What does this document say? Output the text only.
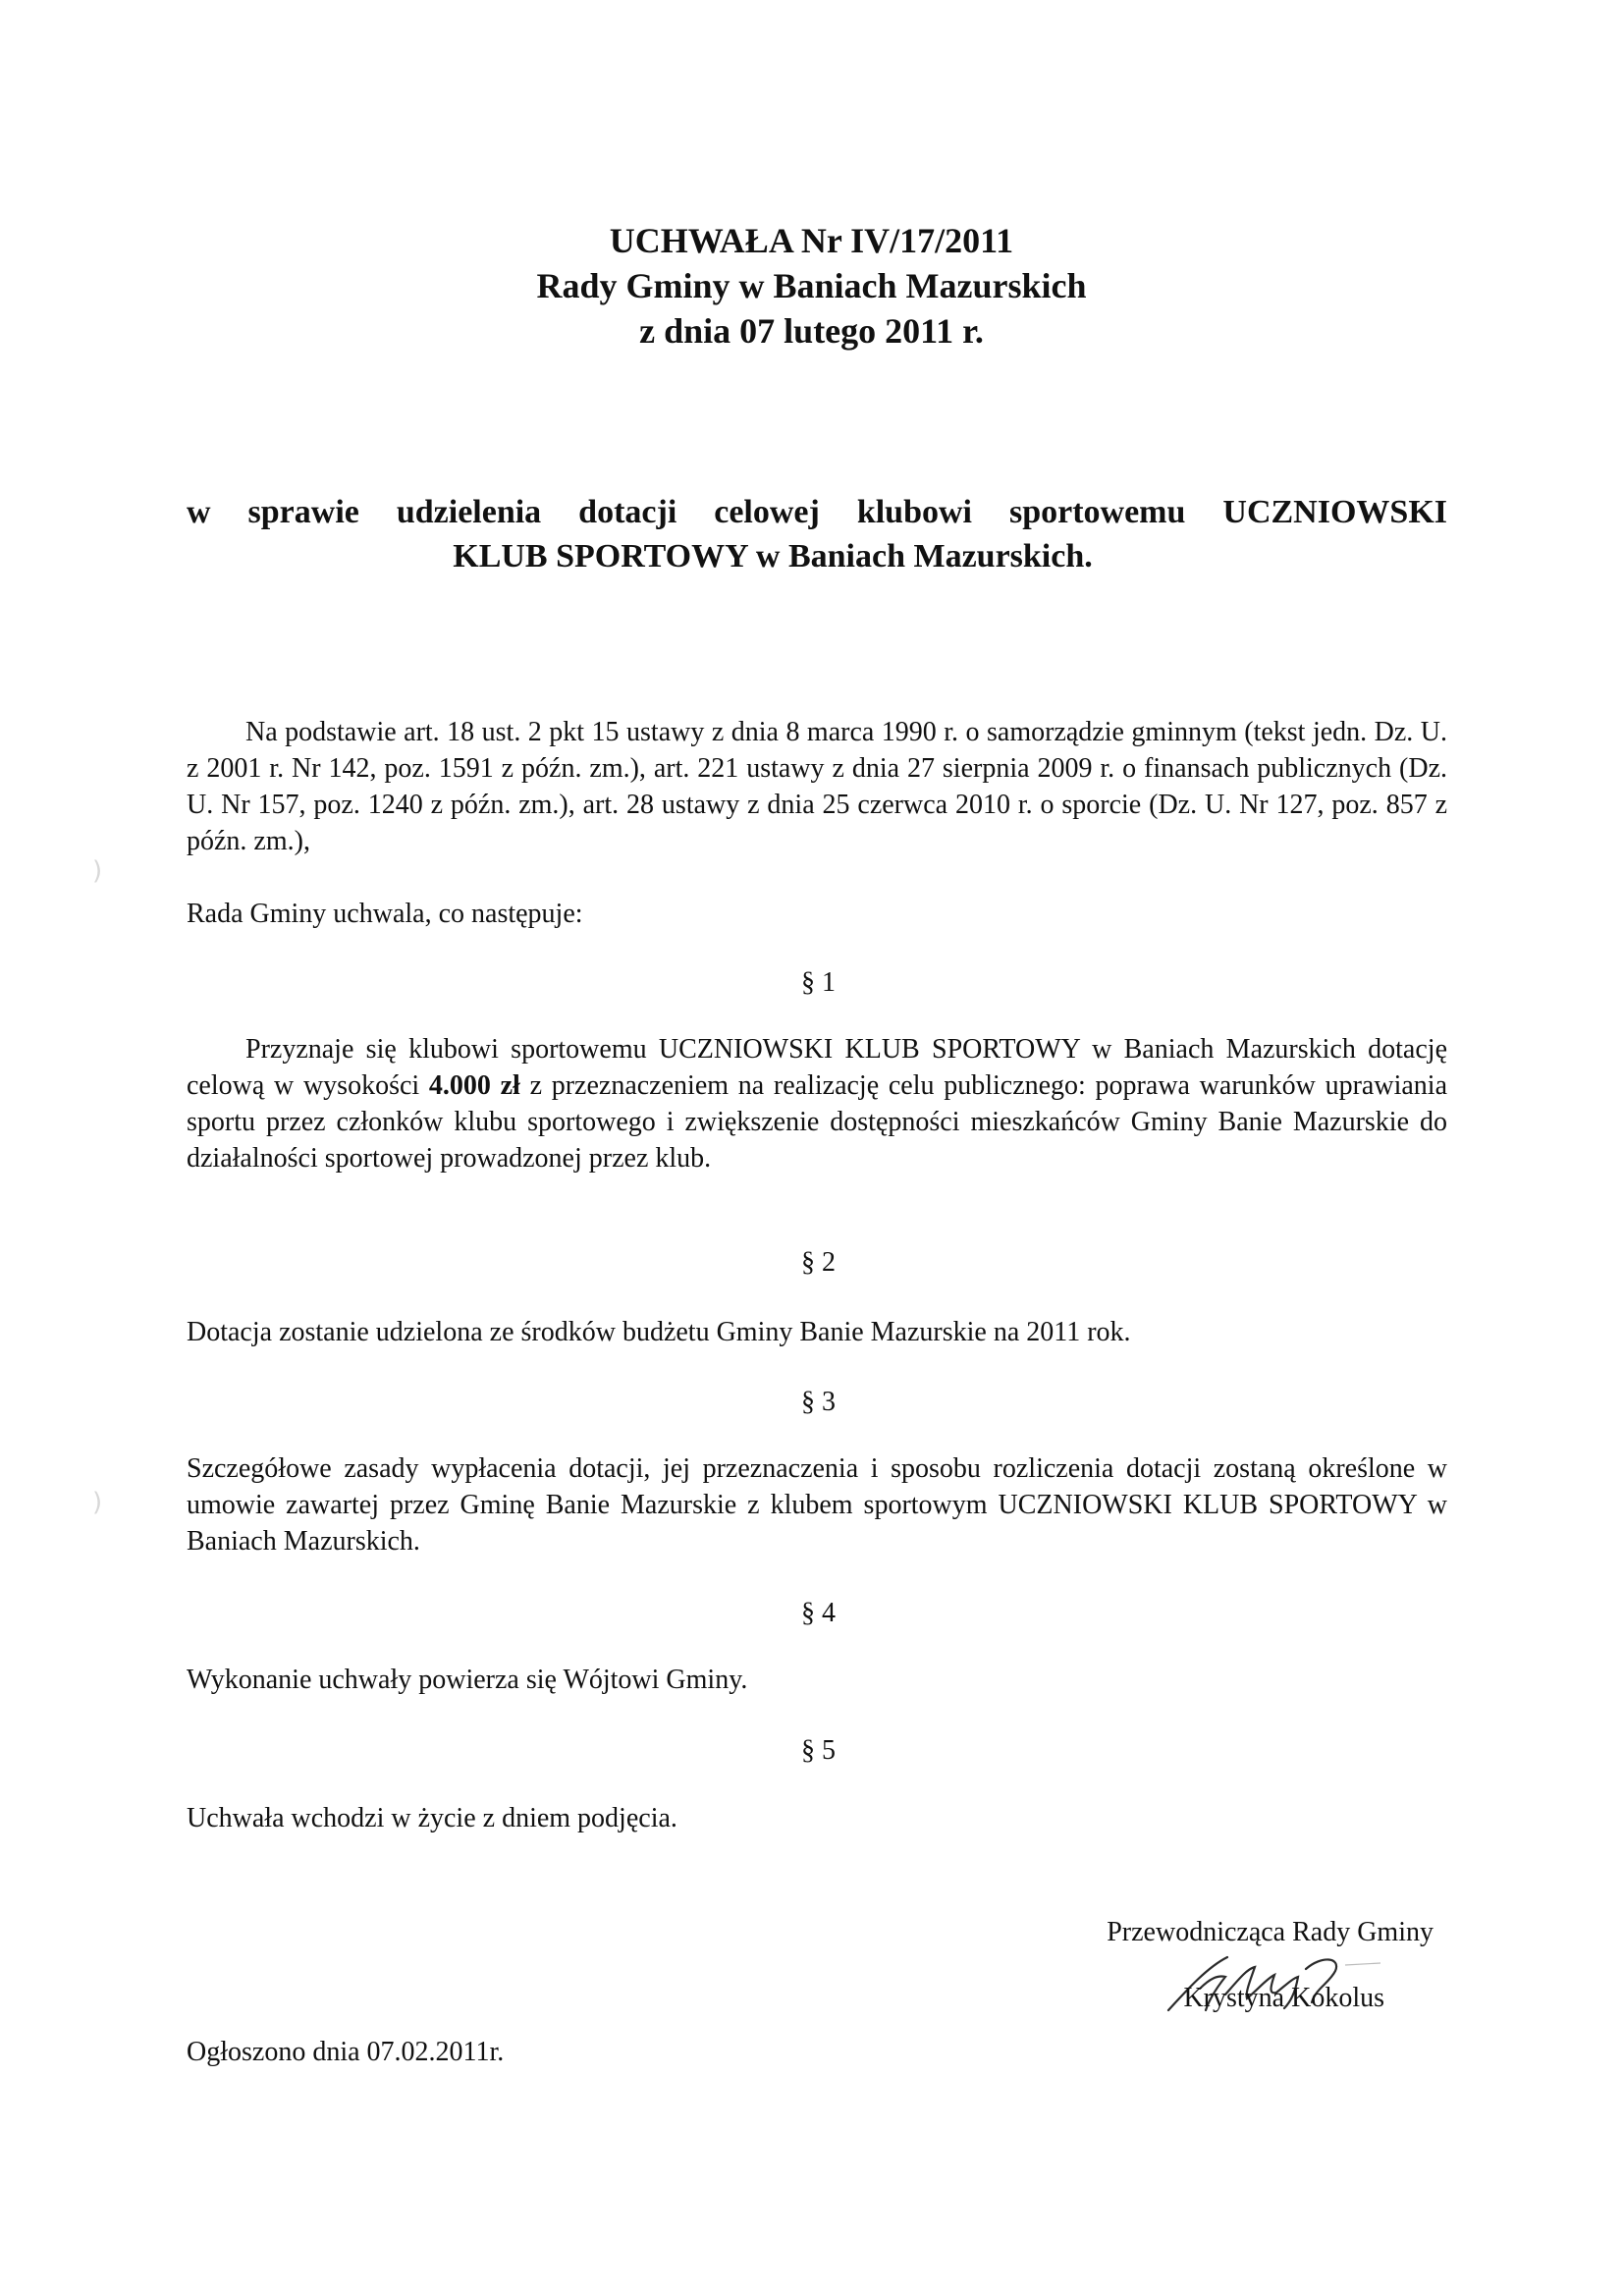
UCHWAŁA Nr IV/17/2011
Rady Gminy w Baniach Mazurskich
z dnia 07 lutego 2011 r.
w sprawie udzielenia dotacji celowej klubowi sportowemu UCZNIOWSKI
KLUB SPORTOWY w Baniach Mazurskich.
Na podstawie art. 18 ust. 2 pkt 15 ustawy z dnia 8 marca 1990 r. o samorządzie gminnym (tekst jedn. Dz. U. z 2001 r. Nr 142, poz. 1591 z późn. zm.), art. 221 ustawy z dnia 27 sierpnia 2009 r. o finansach publicznych (Dz. U. Nr 157, poz. 1240 z późn. zm.), art. 28 ustawy z dnia 25 czerwca 2010 r. o sporcie (Dz. U. Nr 127, poz. 857 z późn. zm.),
Rada Gminy uchwala, co następuje:
)
)
§ 1
Przyznaje się klubowi sportowemu UCZNIOWSKI KLUB SPORTOWY w Baniach Mazurskich dotację celową w wysokości 4.000 zł z przeznaczeniem na realizację celu publicznego: poprawa warunków uprawiania sportu przez członków klubu sportowego i zwiększenie dostępności mieszkańców Gminy Banie Mazurskie do działalności sportowej prowadzonej przez klub.
§ 2
Dotacja zostanie udzielona ze środków budżetu Gminy Banie Mazurskie na 2011 rok.
§ 3
Szczegółowe zasady wypłacenia dotacji, jej przeznaczenia i sposobu rozliczenia dotacji zostaną określone w umowie zawartej przez Gminę Banie Mazurskie z klubem sportowym UCZNIOWSKI KLUB SPORTOWY w Baniach Mazurskich.
§ 4
Wykonanie uchwały powierza się Wójtowi Gminy.
§ 5
Uchwała wchodzi w życie z dniem podjęcia.
Przewodnicząca Rady Gminy
Krystyna Kokolus
Ogłoszono dnia 07.02.2011r.
